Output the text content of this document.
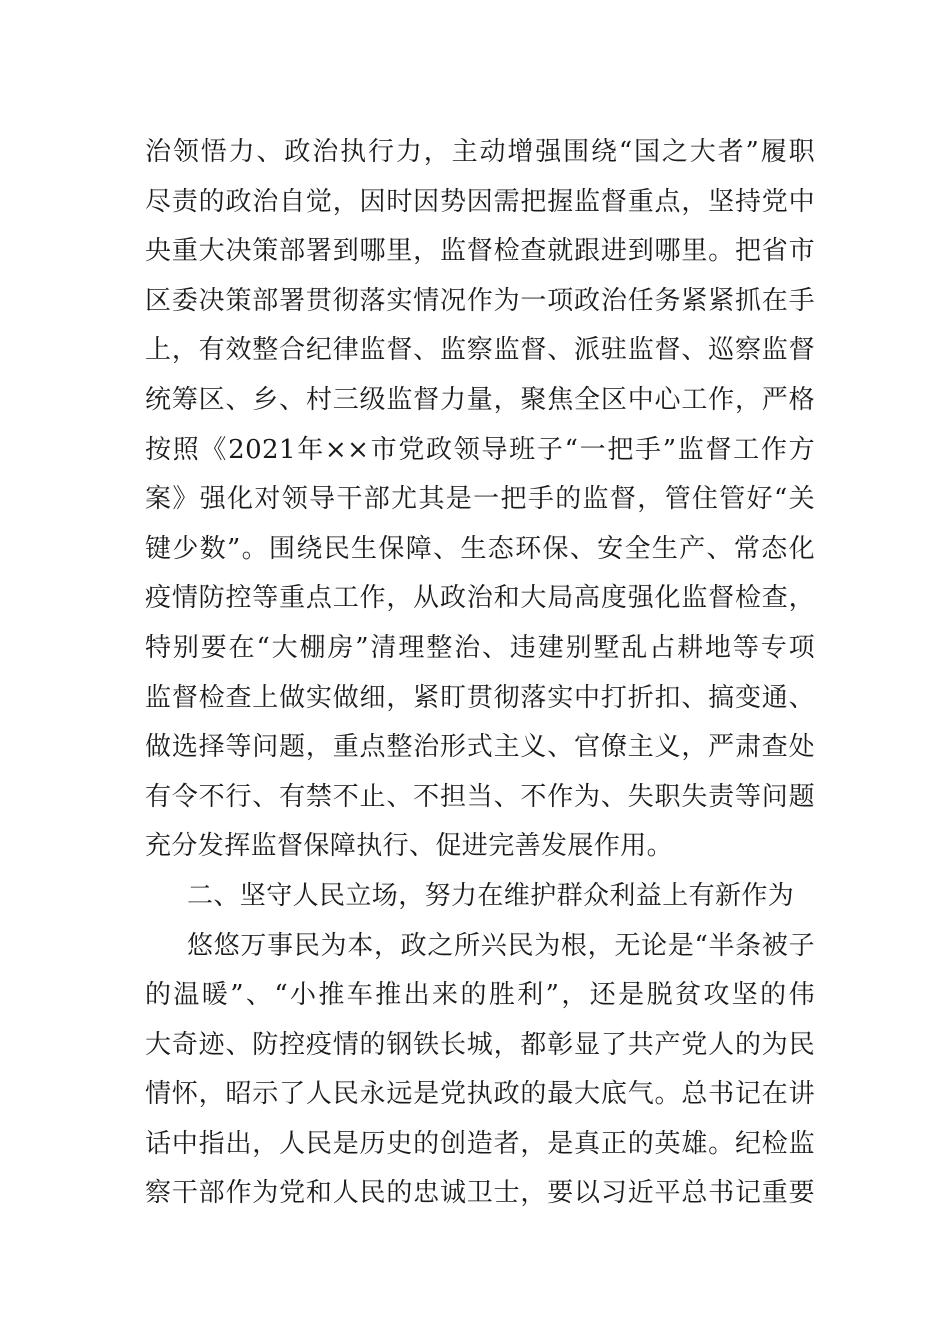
治领悟力、政治执行力，主动增强围绕“国之大者”履职
尽责的政治自觉，因时因势因需把握监督重点，坚持党中
央重大决策部署到哪里，监督检查就跟进到哪里。把省市
区委决策部署贯彻落实情况作为一项政治任务紧紧抓在手
上，有效整合纪律监督、监察监督、派驻监督、巡察监督
统筹区、乡、村三级监督力量，聚焦全区中心工作，严格
按照《2021年××市党政领导班子“一把手”监督工作方
案》强化对领导干部尤其是一把手的监督，管住管好“关
键少数”。围绕民生保障、生态环保、安全生产、常态化
疫情防控等重点工作，从政治和大局高度强化监督检查，
特别要在“大棚房”清理整治、违建别墅乱占耕地等专项
监督检查上做实做细，紧盯贯彻落实中打折扣、搞变通、
做选择等问题，重点整治形式主义、官僚主义，严肃查处
有令不行、有禁不止、不担当、不作为、失职失责等问题
充分发挥监督保障执行、促进完善发展作用。
二、坚守人民立场，努力在维护群众利益上有新作为
悠悠万事民为本，政之所兴民为根，无论是“半条被子
的温暖”、“小推车推出来的胜利”，还是脱贫攻坚的伟
大奇迹、防控疫情的钢铁长城，都彰显了共产党人的为民
情怀，昭示了人民永远是党执政的最大底气。总书记在讲
话中指出，人民是历史的创造者，是真正的英雄。纪检监
察干部作为党和人民的忠诚卫士，要以习近平总书记重要
